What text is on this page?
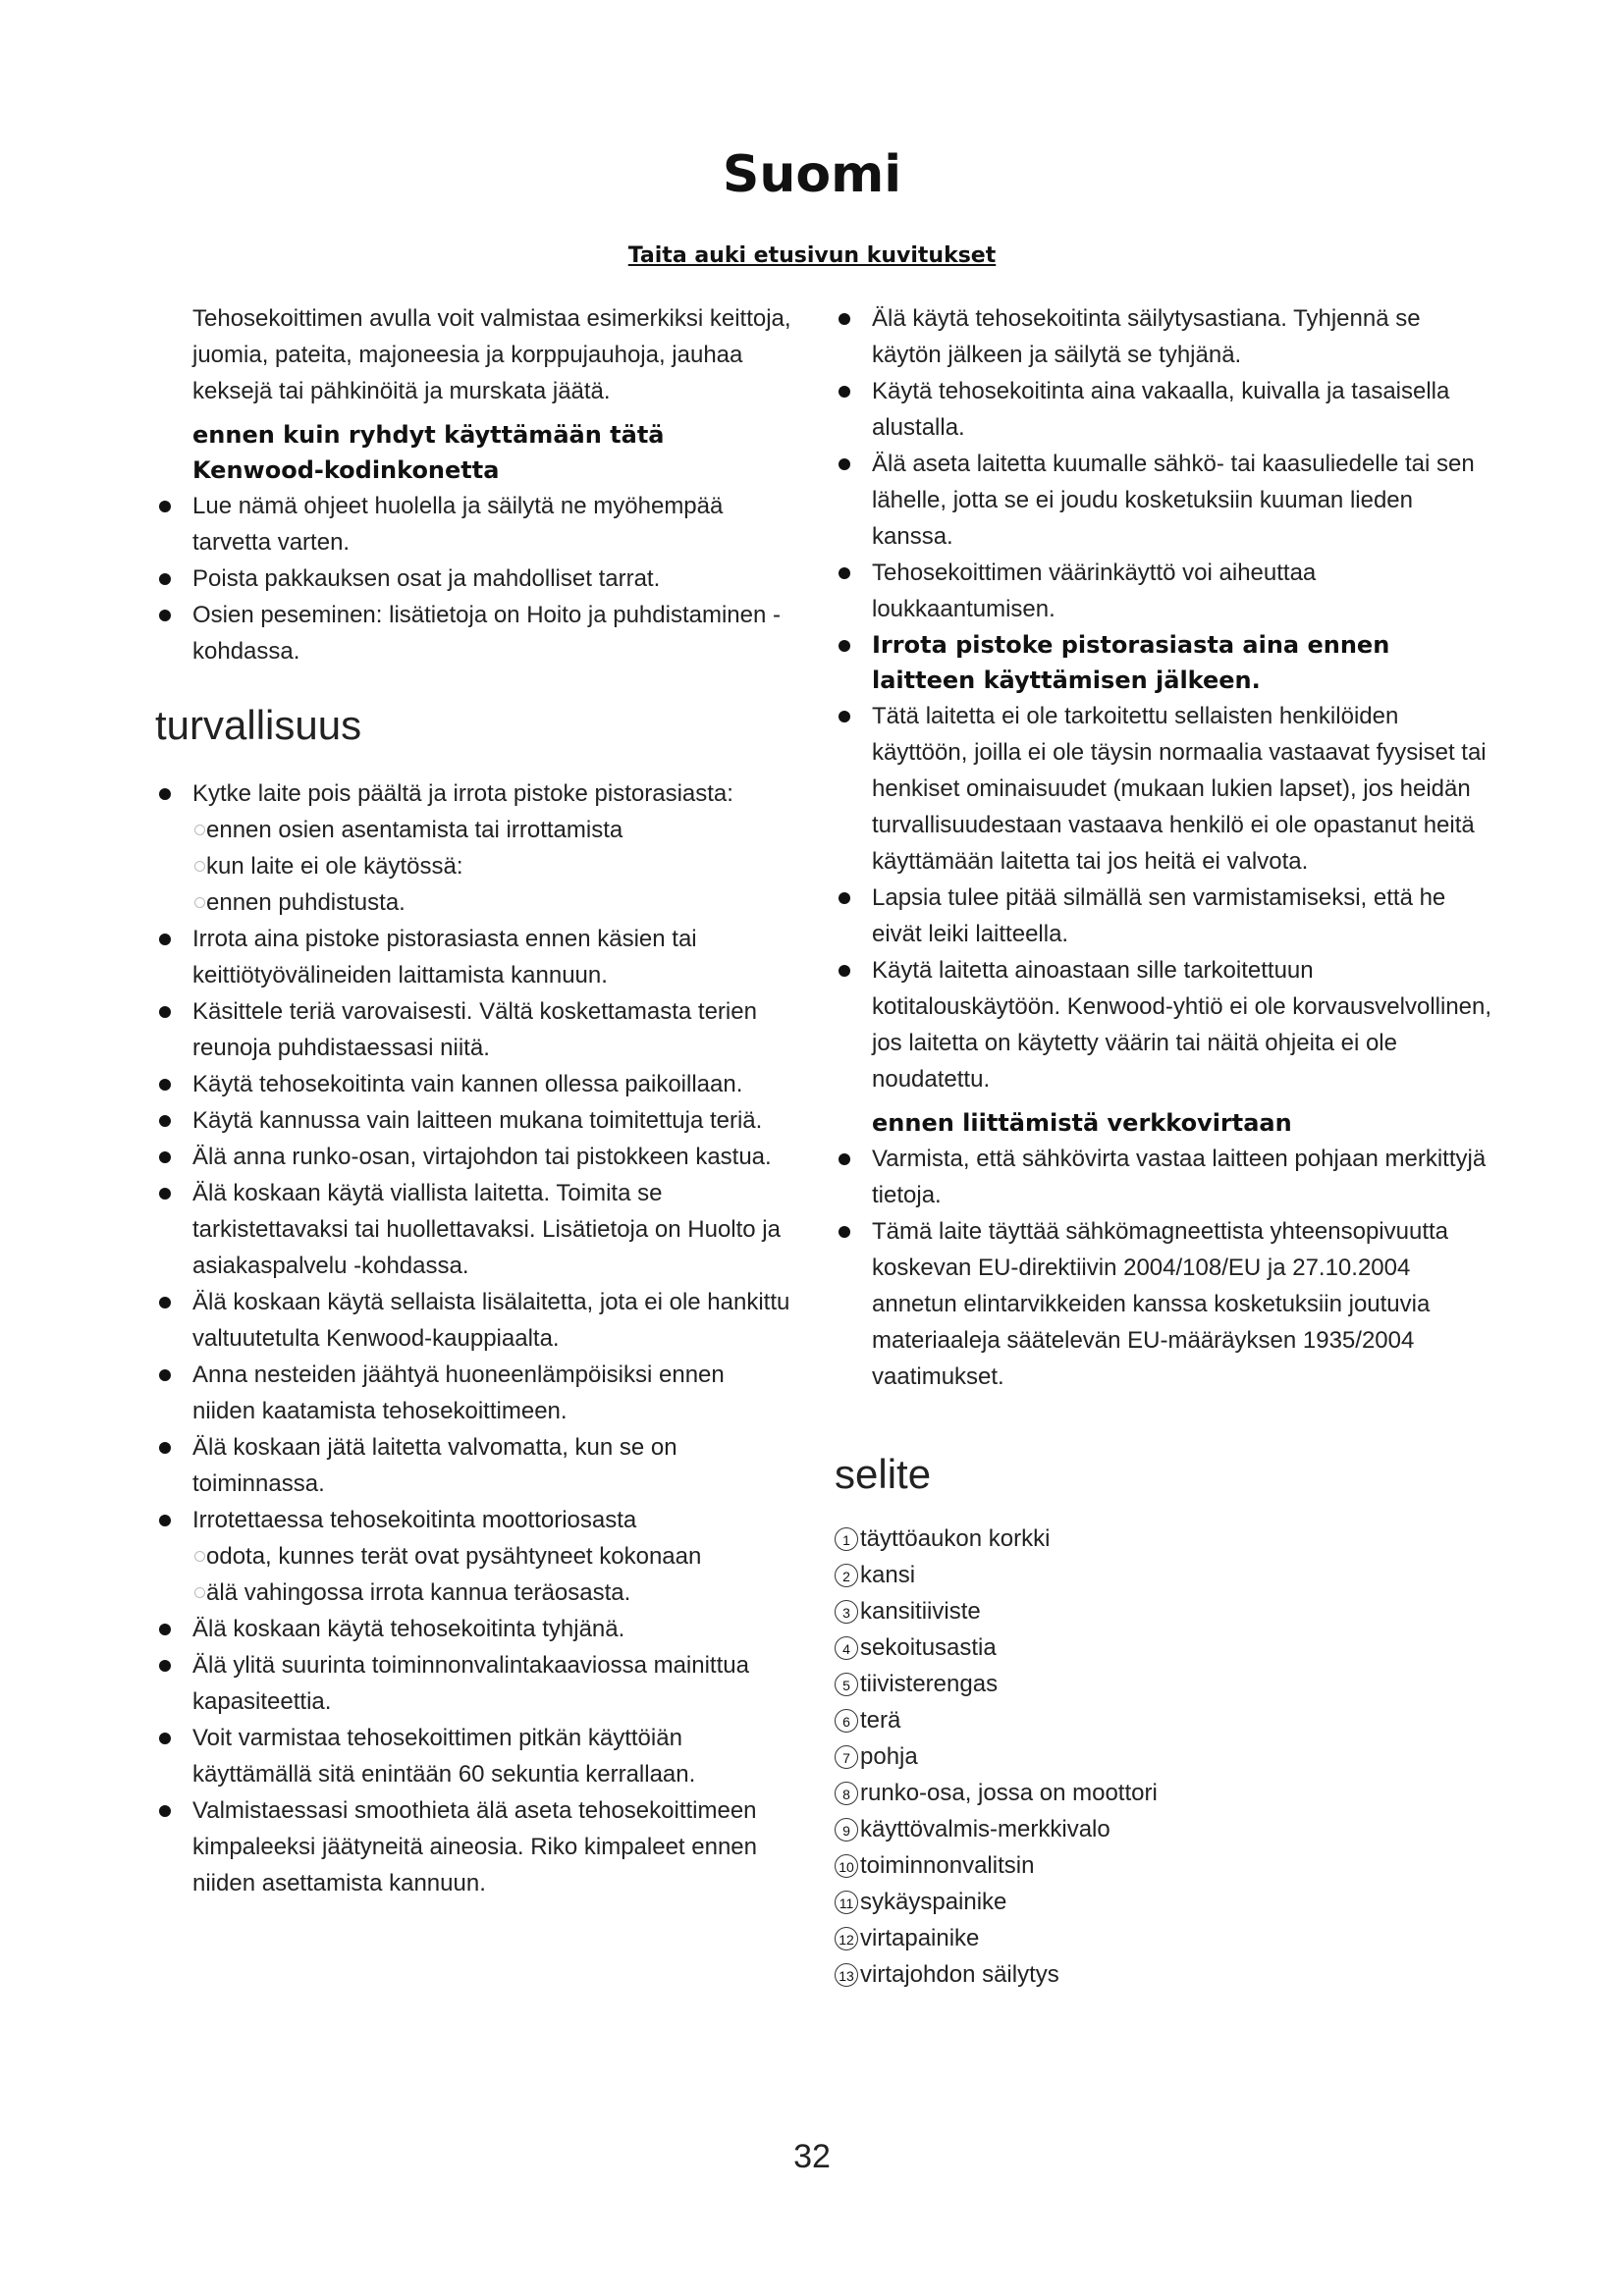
Suomi
Taita auki etusivun kuvitukset

Tehosekoittimen avulla voit valmistaa esimerkiksi keittoja, juomia, pateita, majoneesia ja korppujauhoja, jauhaa keksejä tai pähkinöitä ja murskata jäätä.

ennen kuin ryhdyt käyttämään tätä Kenwood-kodinkonetta

Lue nämä ohjeet huolella ja säilytä ne myöhempää tarvetta varten.
Poista pakkauksen osat ja mahdolliset tarrat.
Osien peseminen: lisätietoja on Hoito ja puhdistaminen -kohdassa.
turvallisuus
Kytke laite pois päältä ja irrota pistoke pistorasiasta:
ennen osien asentamista tai irrottamista
kun laite ei ole käytössä:
ennen puhdistusta.
Irrota aina pistoke pistorasiasta ennen käsien tai keittiötyövälineiden laittamista kannuun.
Käsittele teriä varovaisesti. Vältä koskettamasta terien reunoja puhdistaessasi niitä.
Käytä tehosekoitinta vain kannen ollessa paikoillaan.
Käytä kannussa vain laitteen mukana toimitettuja teriä.
Älä anna runko-osan, virtajohdon tai pistokkeen kastua.
Älä koskaan käytä viallista laitetta. Toimita se tarkistettavaksi tai huollettavaksi. Lisätietoja on Huolto ja asiakaspalvelu -kohdassa.
Älä koskaan käytä sellaista lisälaitetta, jota ei ole hankittu valtuutetulta Kenwood-kauppiaalta.
Anna nesteiden jäähtyä huoneenlämpöisiksi ennen niiden kaatamista tehosekoittimeen.
Älä koskaan jätä laitetta valvomatta, kun se on toiminnassa.
Irrotettaessa tehosekoitinta moottoriosasta
odota, kunnes terät ovat pysähtyneet kokonaan
älä vahingossa irrota kannua teräosasta.
Älä koskaan käytä tehosekoitinta tyhjänä.
Älä ylitä suurinta toiminnonvalintakaaviossa mainittua kapasiteettia.
Voit varmistaa tehosekoittimen pitkän käyttöiän käyttämällä sitä enintään 60 sekuntia kerrallaan.
Valmistaessasi smoothieta älä aseta tehosekoittimeen kimpaleeksi jäätyneitä aineosia. Riko kimpaleet ennen niiden asettamista kannuun.
Älä käytä tehosekoitinta säilytysastiana. Tyhjennä se käytön jälkeen ja säilytä se tyhjänä.
Käytä tehosekoitinta aina vakaalla, kuivalla ja tasaisella alustalla.
Älä aseta laitetta kuumalle sähkö- tai kaasuliedelle tai sen lähelle, jotta se ei joudu kosketuksiin kuuman lieden kanssa.
Tehosekoittimen väärinkäyttö voi aiheuttaa loukkaantumisen.
Irrota pistoke pistorasiasta aina ennen laitteen käyttämisen jälkeen.
Tätä laitetta ei ole tarkoitettu sellaisten henkilöiden käyttöön, joilla ei ole täysin normaalia vastaavat fyysiset tai henkiset ominaisuudet (mukaan lukien lapset), jos heidän turvallisuudestaan vastaava henkilö ei ole opastanut heitä käyttämään laitetta tai jos heitä ei valvota.
Lapsia tulee pitää silmällä sen varmistamiseksi, että he eivät leiki laitteella.
Käytä laitetta ainoastaan sille tarkoitettuun kotitalouskäytöön. Kenwood-yhtiö ei ole korvausvelvollinen, jos laitetta on käytetty väärin tai näitä ohjeita ei ole noudatettu.

ennen liittämistä verkkovirtaan

Varmista, että sähkövirta vastaa laitteen pohjaan merkittyjä tietoja.
Tämä laite täyttää sähkömagneettista yhteensopivuutta koskevan EU-direktiivin 2004/108/EU ja 27.10.2004 annetun elintarvikkeiden kanssa kosketuksiin joutuvia materiaaleja säätelevän EU-määräyksen 1935/2004 vaatimukset.
selite
1 täyttöaukon korkki
2 kansi
3 kansitiiviste
4 sekoitusastia
5 tiivisterengas
6 terä
7 pohja
8 runko-osa, jossa on moottori
9 käyttövalmis-merkkivalo
10 toiminnonvalitsin
11 sykäyspainike
12 virtapainike
13 virtajohdon säilytys
32
